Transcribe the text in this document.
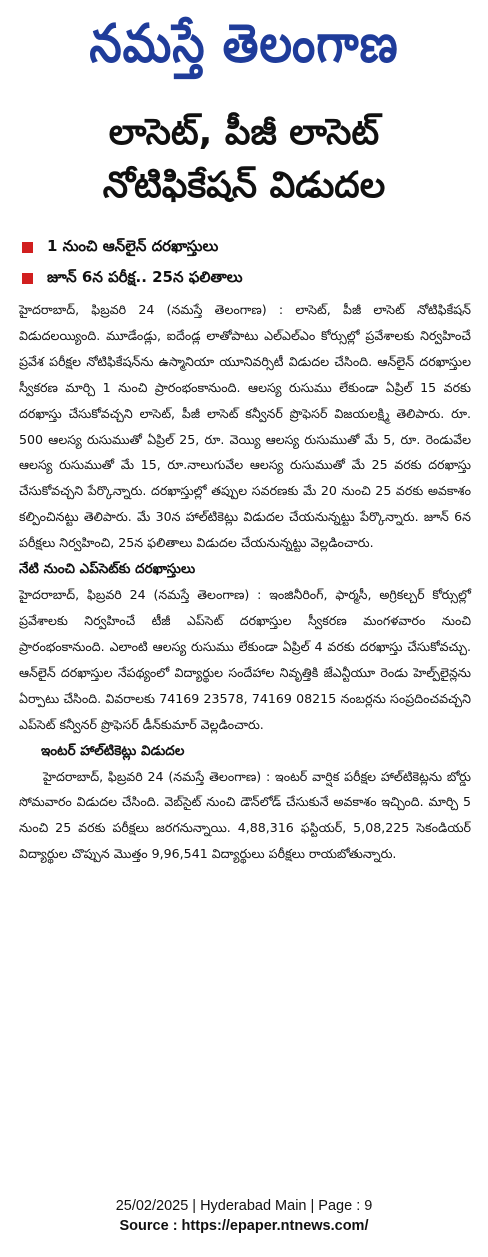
నమస్తే తెలంగాణ
లాసెట్, పీజీ లాసెట్
నోటిఫికేషన్ విడుదల
1 నుంచి ఆన్‌లైన్ దరఖాస్తులు
జూన్ 6న పరీక్ష.. 25న ఫలితాలు

హైదరాబాద్, ఫిబ్రవరి 24 (నమస్తే తెలంగాణ) : లాసెట్, పీజీ లాసెట్ నోటిఫికేషన్ విడుదలయ్యింది. మూడేండ్లు, ఐదేండ్ల లాతోపాటు ఎల్ఎల్ఎం కోర్సుల్లో ప్రవేశాలకు నిర్వహించే ప్రవేశ పరీక్షల నోటిఫికేషన్‌ను ఉస్మానియా యూనివర్సిటీ విడుదల చేసింది. ఆన్‌లైన్ దరఖాస్తుల స్వీకరణ మార్చి 1 నుంచి ప్రారంభంకానుంది. ఆలస్య రుసుము లేకుండా ఏప్రిల్ 15 వరకు దరఖాస్తు చేసుకోవచ్చని లాసెట్, పీజీ లాసెట్ కన్వీనర్ ప్రొఫెసర్ విజయలక్ష్మి తెలిపారు. రూ. 500 ఆలస్య రుసుముతో ఏప్రిల్ 25, రూ. వెయ్యి ఆలస్య రుసుముతో మే 5, రూ. రెండువేల ఆలస్య రుసుముతో మే 15, రూ.నాలుగువేల ఆలస్య రుసుముతో మే 25 వరకు దరఖాస్తు చేసుకోవచ్చని పేర్కొన్నారు. దరఖాస్తుల్లో తప్పుల సవరణకు మే 20 నుంచి 25 వరకు అవకాశం కల్పించినట్టు తెలిపారు. మే 30న హాల్‌టికెట్లు విడుదల చేయనున్నట్టు పేర్కొన్నారు. జూన్ 6న పరీక్షలు నిర్వహించి, 25న ఫలితాలు విడుదల చేయనున్నట్టు వెల్లడించారు.

నేటి నుంచి ఎప్‌సెట్‌కు దరఖాస్తులు

హైదరాబాద్, ఫిబ్రవరి 24 (నమస్తే తెలంగాణ) : ఇంజినీరింగ్, ఫార్మసీ, అగ్రికల్చర్ కోర్సుల్లో ప్రవేశాలకు నిర్వహించే టీజీ ఎప్‌సెట్ దరఖాస్తుల స్వీకరణ మంగళవారం నుంచి ప్రారంభంకానుంది. ఎలాంటి ఆలస్య రుసుము లేకుండా ఏప్రిల్ 4 వరకు దరఖాస్తు చేసుకోవచ్చు. ఆన్‌లైన్ దరఖాస్తుల నేపథ్యంలో విద్యార్థుల సందేహాల నివృత్తికి జేఎన్టీయూ రెండు హెల్ప్‌లైన్లను ఏర్పాటు చేసింది. వివరాలకు 74169 23578, 74169 08215 నంబర్లను సంప్రదించవచ్చని ఎప్‌సెట్ కన్వీనర్ ప్రొఫెసర్ డీన్‌కుమార్ వెల్లడించారు.

ఇంటర్ హాల్‌టికెట్లు విడుదల

హైదరాబాద్, ఫిబ్రవరి 24 (నమస్తే తెలంగాణ) : ఇంటర్ వార్షిక పరీక్షల హాల్‌టికెట్లను బోర్డు సోమవారం విడుదల చేసింది. వెబ్‌సైట్ నుంచి డౌన్‌లోడ్ చేసుకునే అవకాశం ఇచ్చింది. మార్చి 5 నుంచి 25 వరకు పరీక్షలు జరగనున్నాయి. 4,88,316 ఫస్టియర్, 5,08,225 సెకండియర్ విద్యార్థుల చొప్పున మొత్తం 9,96,541 విద్యార్థులు పరీక్షలు రాయబోతున్నారు.

25/02/2025 | Hyderabad Main | Page : 9
Source : https://epaper.ntnews.com/
